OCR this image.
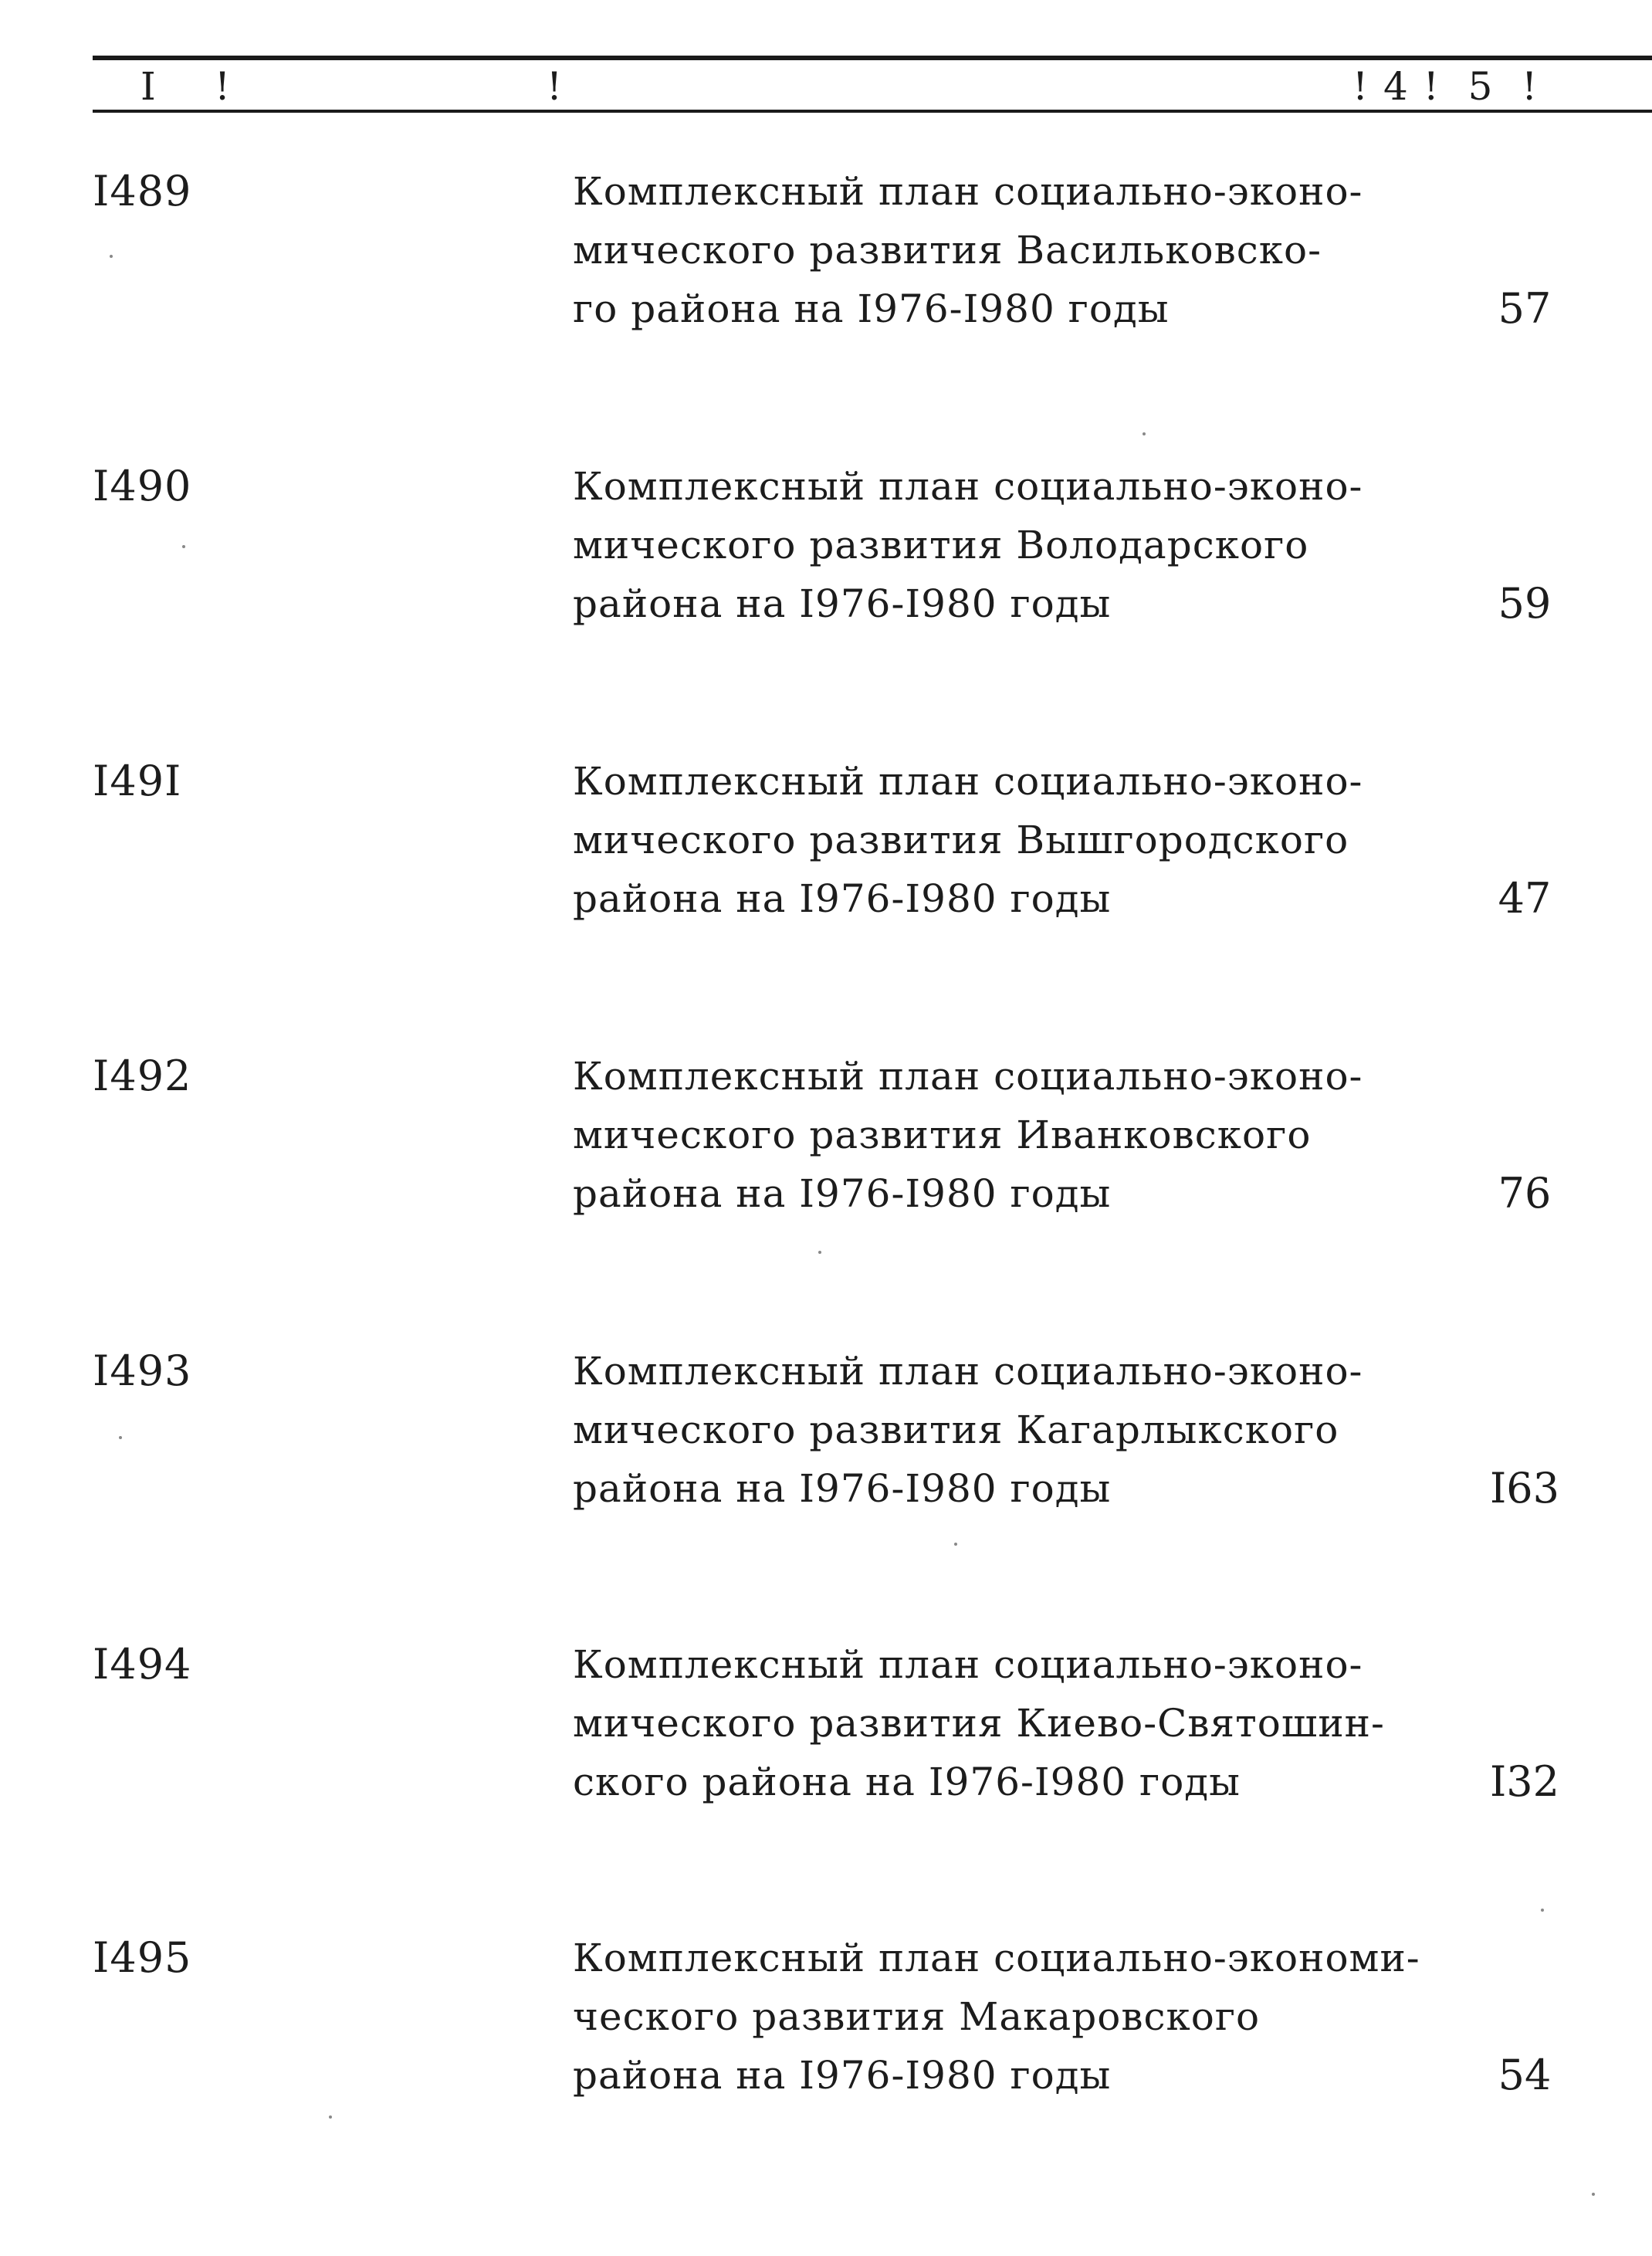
I !	!	! 4 !  5  !
I489	Комплексный план социально-эконо-
мического развития Васильковско-
го района на I976-I980 годы	57
I490	Комплексный план социально-эконо-
мического развития Володарского
района на I976-I980 годы	59
I49I	Комплексный план социально-эконо-
мического развития Вышгородского
района на I976-I980 годы	47
I492	Комплексный план социально-эконо-
мического развития Иванковского
района на I976-I980 годы	76
I493	Комплексный план социально-эконо-
мического развития Кагарлыкского
района на I976-I980 годы	I63
I494	Комплексный план социально-эконо-
мического развития Киево-Святошин-
ского района на I976-I980 годы	I32
I495	Комплексный план социально-экономи-
ческого развития Макаровского
района на I976-I980 годы	54
